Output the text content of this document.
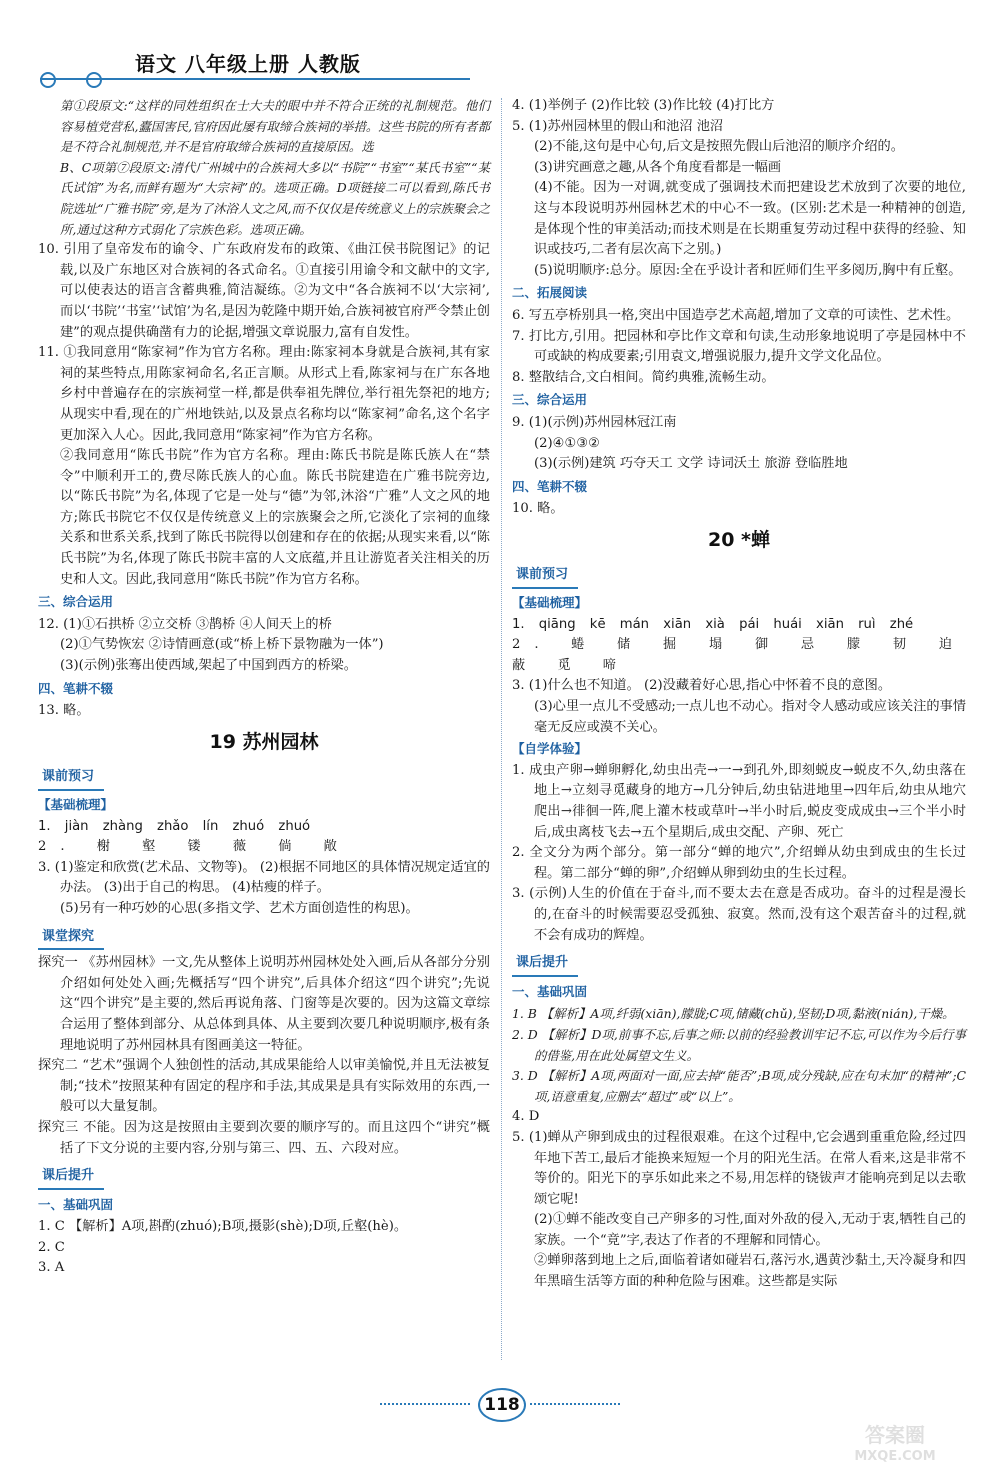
语文 八年级上册 人教版

第①段原文:“这样的同姓组织在士大夫的眼中并不符合正统的礼制规范。他们容易植党营私,蠹国害民,官府因此屡有取缔合族祠的举措。这些书院的所有者都是不符合礼制规范,并不是官府取缔合族祠的直接原因。选

B、C项第⑦段原文:清代广州城中的合族祠大多以“书院”“书室”“某氏书室”“某氏试馆”为名,而鲜有题为“大宗祠”的。选项正确。D项链接二可以看到,陈氏书院选址“广雅书院”旁,是为了沐浴人文之风,而不仅仅是传统意义上的宗族聚会之所,通过这种方式弱化了宗族色彩。选项正确。

10. 引用了皇帝发布的谕令、广东政府发布的政策、《曲江侯书院图记》的记载,以及广东地区对合族祠的各式命名。①直接引用谕令和文献中的文字,可以使表达的语言含蓄典雅,简洁凝练。②为文中“各合族祠不以‘大宗祠’,而以‘书院’‘书室’‘试馆’为名,是因为乾隆中期开始,合族祠被官府严令禁止创建”的观点提供确凿有力的论据,增强文章说服力,富有自发性。

11. ①我同意用“陈家祠”作为官方名称。理由:陈家祠本身就是合族祠,其有家祠的某些特点,用陈家祠命名,名正言顺。从形式上看,陈家祠与在广东各地乡村中普遍存在的宗族祠堂一样,都是供奉祖先牌位,举行祖先祭祀的地方;从现实中看,现在的广州地铁站,以及景点名称均以“陈家祠”命名,这个名字更加深入人心。因此,我同意用“陈家祠”作为官方名称。

②我同意用“陈氏书院”作为官方名称。理由:陈氏书院是陈氏族人在“禁令”中顺利开工的,费尽陈氏族人的心血。陈氏书院建造在广雅书院旁边,以“陈氏书院”为名,体现了它是一处与“德”为邻,沐浴“广雅”人文之风的地方;陈氏书院它不仅仅是传统意义上的宗族聚会之所,它淡化了宗祠的血缘关系和世系关系,找到了陈氏书院得以创建和存在的依据;从现实来看,以“陈氏书院”为名,体现了陈氏书院丰富的人文底蕴,并且让游览者关注相关的历史和人文。因此,我同意用“陈氏书院”作为官方名称。

三、综合运用

12. (1)①石拱桥 ②立交桥 ③鹊桥 ④人间天上的桥

(2)①气势恢宏 ②诗情画意(或“桥上桥下景物融为一体”)

(3)(示例)张骞出使西域,架起了中国到西方的桥梁。

四、笔耕不辍

13. 略。

19 苏州园林
课前预习
【基础梳理】

1. jiàn zhàng zhǎo lín zhuó zhuó

2. 榭 壑 镂 薇 倘 敞

3. (1)鉴定和欣赏(艺术品、文物等)。 (2)根据不同地区的具体情况规定适宜的办法。 (3)出于自己的构思。 (4)枯瘦的样子。

(5)另有一种巧妙的心思(多指文学、艺术方面创造性的构思)。

课堂探究

探究一 《苏州园林》一文,先从整体上说明苏州园林处处入画,后从各部分分别介绍如何处处入画;先概括写“四个讲究”,后具体介绍这“四个讲究”;先说这“四个讲究”是主要的,然后再说角落、门窗等是次要的。因为这篇文章综合运用了整体到部分、从总体到具体、从主要到次要几种说明顺序,极有条理地说明了苏州园林具有图画美这一特征。

探究二 “艺术”强调个人独创性的活动,其成果能给人以审美愉悦,并且无法被复制;“技术”按照某种有固定的程序和手法,其成果是具有实际效用的东西,一般可以大量复制。

探究三 不能。因为这是按照由主要到次要的顺序写的。而且这四个“讲究”概括了下文分说的主要内容,分别与第三、四、五、六段对应。

课后提升
一、基础巩固

1. C 【解析】A项,斟酌(zhuó);B项,摄影(shè);D项,丘壑(hè)。

2. C

3. A

4. (1)举例子 (2)作比较 (3)作比较 (4)打比方

5. (1)苏州园林里的假山和池沼 池沼

(2)不能,这句是中心句,后文是按照先假山后池沼的顺序介绍的。

(3)讲究画意之趣,从各个角度看都是一幅画

(4)不能。因为一对调,就变成了强调技术而把建设艺术放到了次要的地位,这与本段说明苏州园林艺术的中心不一致。(区别:艺术是一种精神的创造,是体现个性的审美活动;而技术则是在长期重复劳动过程中获得的经验、知识或技巧,二者有层次高下之别。)

(5)说明顺序:总分。原因:全在乎设计者和匠师们生平多阅历,胸中有丘壑。

二、拓展阅读

6. 写五亭桥别具一格,突出中国造亭艺术高超,增加了文章的可读性、艺术性。

7. 打比方,引用。把园林和亭比作文章和句读,生动形象地说明了亭是园林中不可或缺的构成要素;引用袁文,增强说服力,提升文学文化品位。

8. 整散结合,文白相间。简约典雅,流畅生动。

三、综合运用

9. (1)(示例)苏州园林冠江南

(2)④①③②

(3)(示例)建筑 巧夺天工 文学 诗词沃土 旅游 登临胜地

四、笔耕不辍

10. 略。

20 *蝉
课前预习
【基础梳理】

1. qiāng kē mán xiān xià pái huái xiān ruì zhé

2. 蜷 储 掘 塌 御 忌 朦 韧 迫 蔽 觅 啼

3. (1)什么也不知道。 (2)没藏着好心思,指心中怀着不良的意图。

(3)心里一点儿不受感动;一点儿也不动心。指对令人感动或应该关注的事情毫无反应或漠不关心。

【自学体验】

1. 成虫产卵→蝉卵孵化,幼虫出壳→一→到孔外,即刻蜕皮→蜕皮不久,幼虫落在地上→立刻寻觅藏身的地方→几分钟后,幼虫钻进地里→四年后,幼虫从地穴爬出→徘徊一阵,爬上灌木枝或草叶→半小时后,蜕皮变成成虫→三个半小时后,成虫离枝飞去→五个星期后,成虫交配、产卵、死亡

2. 全文分为两个部分。第一部分“蝉的地穴”,介绍蝉从幼虫到成虫的生长过程。第二部分“蝉的卵”,介绍蝉从卵到幼虫的生长过程。

3. (示例)人生的价值在于奋斗,而不要太去在意是否成功。奋斗的过程是漫长的,在奋斗的时候需要忍受孤独、寂寞。然而,没有这个艰苦奋斗的过程,就不会有成功的辉煌。

课后提升
一、基础巩固

1. B 【解析】A项,纤弱(xiān),朦胧;C项,储藏(chǔ),坚韧;D项,黏液(nián),干燥。

2. D 【解析】D项,前事不忘,后事之师:以前的经验教训牢记不忘,可以作为今后行事的借鉴,用在此处属望文生义。

3. D 【解析】A项,两面对一面,应去掉“能否”;B项,成分残缺,应在句末加“的精神”;C项,语意重复,应删去“超过”或“以上”。

4. D

5. (1)蝉从产卵到成虫的过程很艰难。在这个过程中,它会遇到重重危险,经过四年地下苦工,最后才能换来短短一个月的阳光生活。在常人看来,这是非常不等价的。阳光下的享乐如此来之不易,用怎样的铙钹声才能响亮到足以去歌颂它呢!

(2)①蝉不能改变自己产卵多的习性,面对外敌的侵入,无动于衷,牺牲自己的家族。一个“竟”字,表达了作者的不理解和同情心。

②蝉卵落到地上之后,面临着诸如碰岩石,落污水,遇黄沙黏土,天冷凝身和四年黑暗生活等方面的种种危险与困难。这些都是实际

118
答案圈
MXQE.COM
